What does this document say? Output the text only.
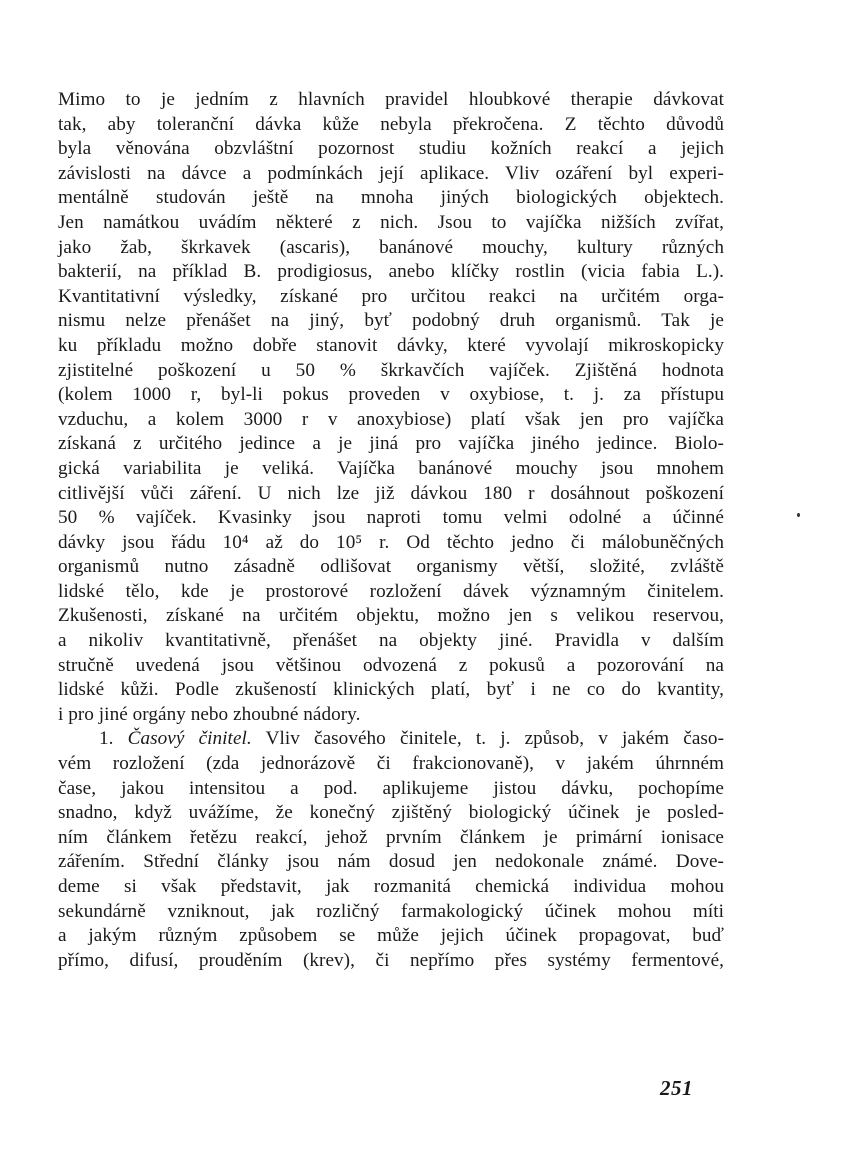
Mimo to je jedním z hlavních pravidel hloubkové therapie dávkovat
tak, aby toleranční dávka kůže nebyla překročena. Z těchto důvodů
byla věnována obzvláštní pozornost studiu kožních reakcí a jejich
závislosti na dávce a podmínkách její aplikace. Vliv ozáření byl experi-
mentálně studován ještě na mnoha jiných biologických objektech.
Jen namátkou uvádím některé z nich. Jsou to vajíčka nižších zvířat,
jako žab, škrkavek (ascaris), banánové mouchy, kultury různých
bakterií, na příklad B. prodigiosus, anebo klíčky rostlin (vicia fabia L.).
Kvantitativní výsledky, získané pro určitou reakci na určitém orga-
nismu nelze přenášet na jiný, byť podobný druh organismů. Tak je
ku příkladu možno dobře stanovit dávky, které vyvolají mikroskopicky
zjistitelné poškození u 50 % škrkavčích vajíček. Zjištěná hodnota
(kolem 1000 r, byl-li pokus proveden v oxybiose, t. j. za přístupu
vzduchu, a kolem 3000 r v anoxybiose) platí však jen pro vajíčka
získaná z určitého jedince a je jiná pro vajíčka jiného jedince. Biolo-
gická variabilita je veliká. Vajíčka banánové mouchy jsou mnohem
citlivější vůči záření. U nich lze již dávkou 180 r dosáhnout poškození
50 % vajíček. Kvasinky jsou naproti tomu velmi odolné a účinné
dávky jsou řádu 10⁴ až do 10⁵ r. Od těchto jedno či málobuněčných
organismů nutno zásadně odlišovat organismy větší, složité, zvláště
lidské tělo, kde je prostorové rozložení dávek významným činitelem.
Zkušenosti, získané na určitém objektu, možno jen s velikou reservou,
a nikoliv kvantitativně, přenášet na objekty jiné. Pravidla v dalším
stručně uvedená jsou většinou odvozená z pokusů a pozorování na
lidské kůži. Podle zkušeností klinických platí, byť i ne co do kvantity,
i pro jiné orgány nebo zhoubné nádory.
1. Časový činitel. Vliv časového činitele, t. j. způsob, v jakém časo-
vém rozložení (zda jednorázově či frakcionovaně), v jakém úhrnném
čase, jakou intensitou a pod. aplikujeme jistou dávku, pochopíme
snadno, když uvážíme, že konečný zjištěný biologický účinek je posled-
ním článkem řetězu reakcí, jehož prvním článkem je primární ionisace
zářením. Střední články jsou nám dosud jen nedokonale známé. Dove-
deme si však představit, jak rozmanitá chemická individua mohou
sekundárně vzniknout, jak rozličný farmakologický účinek mohou míti
a jakým různým způsobem se může jejich účinek propagovat, buď
přímo, difusí, prouděním (krev), či nepřímo přes systémy fermentové,
251
